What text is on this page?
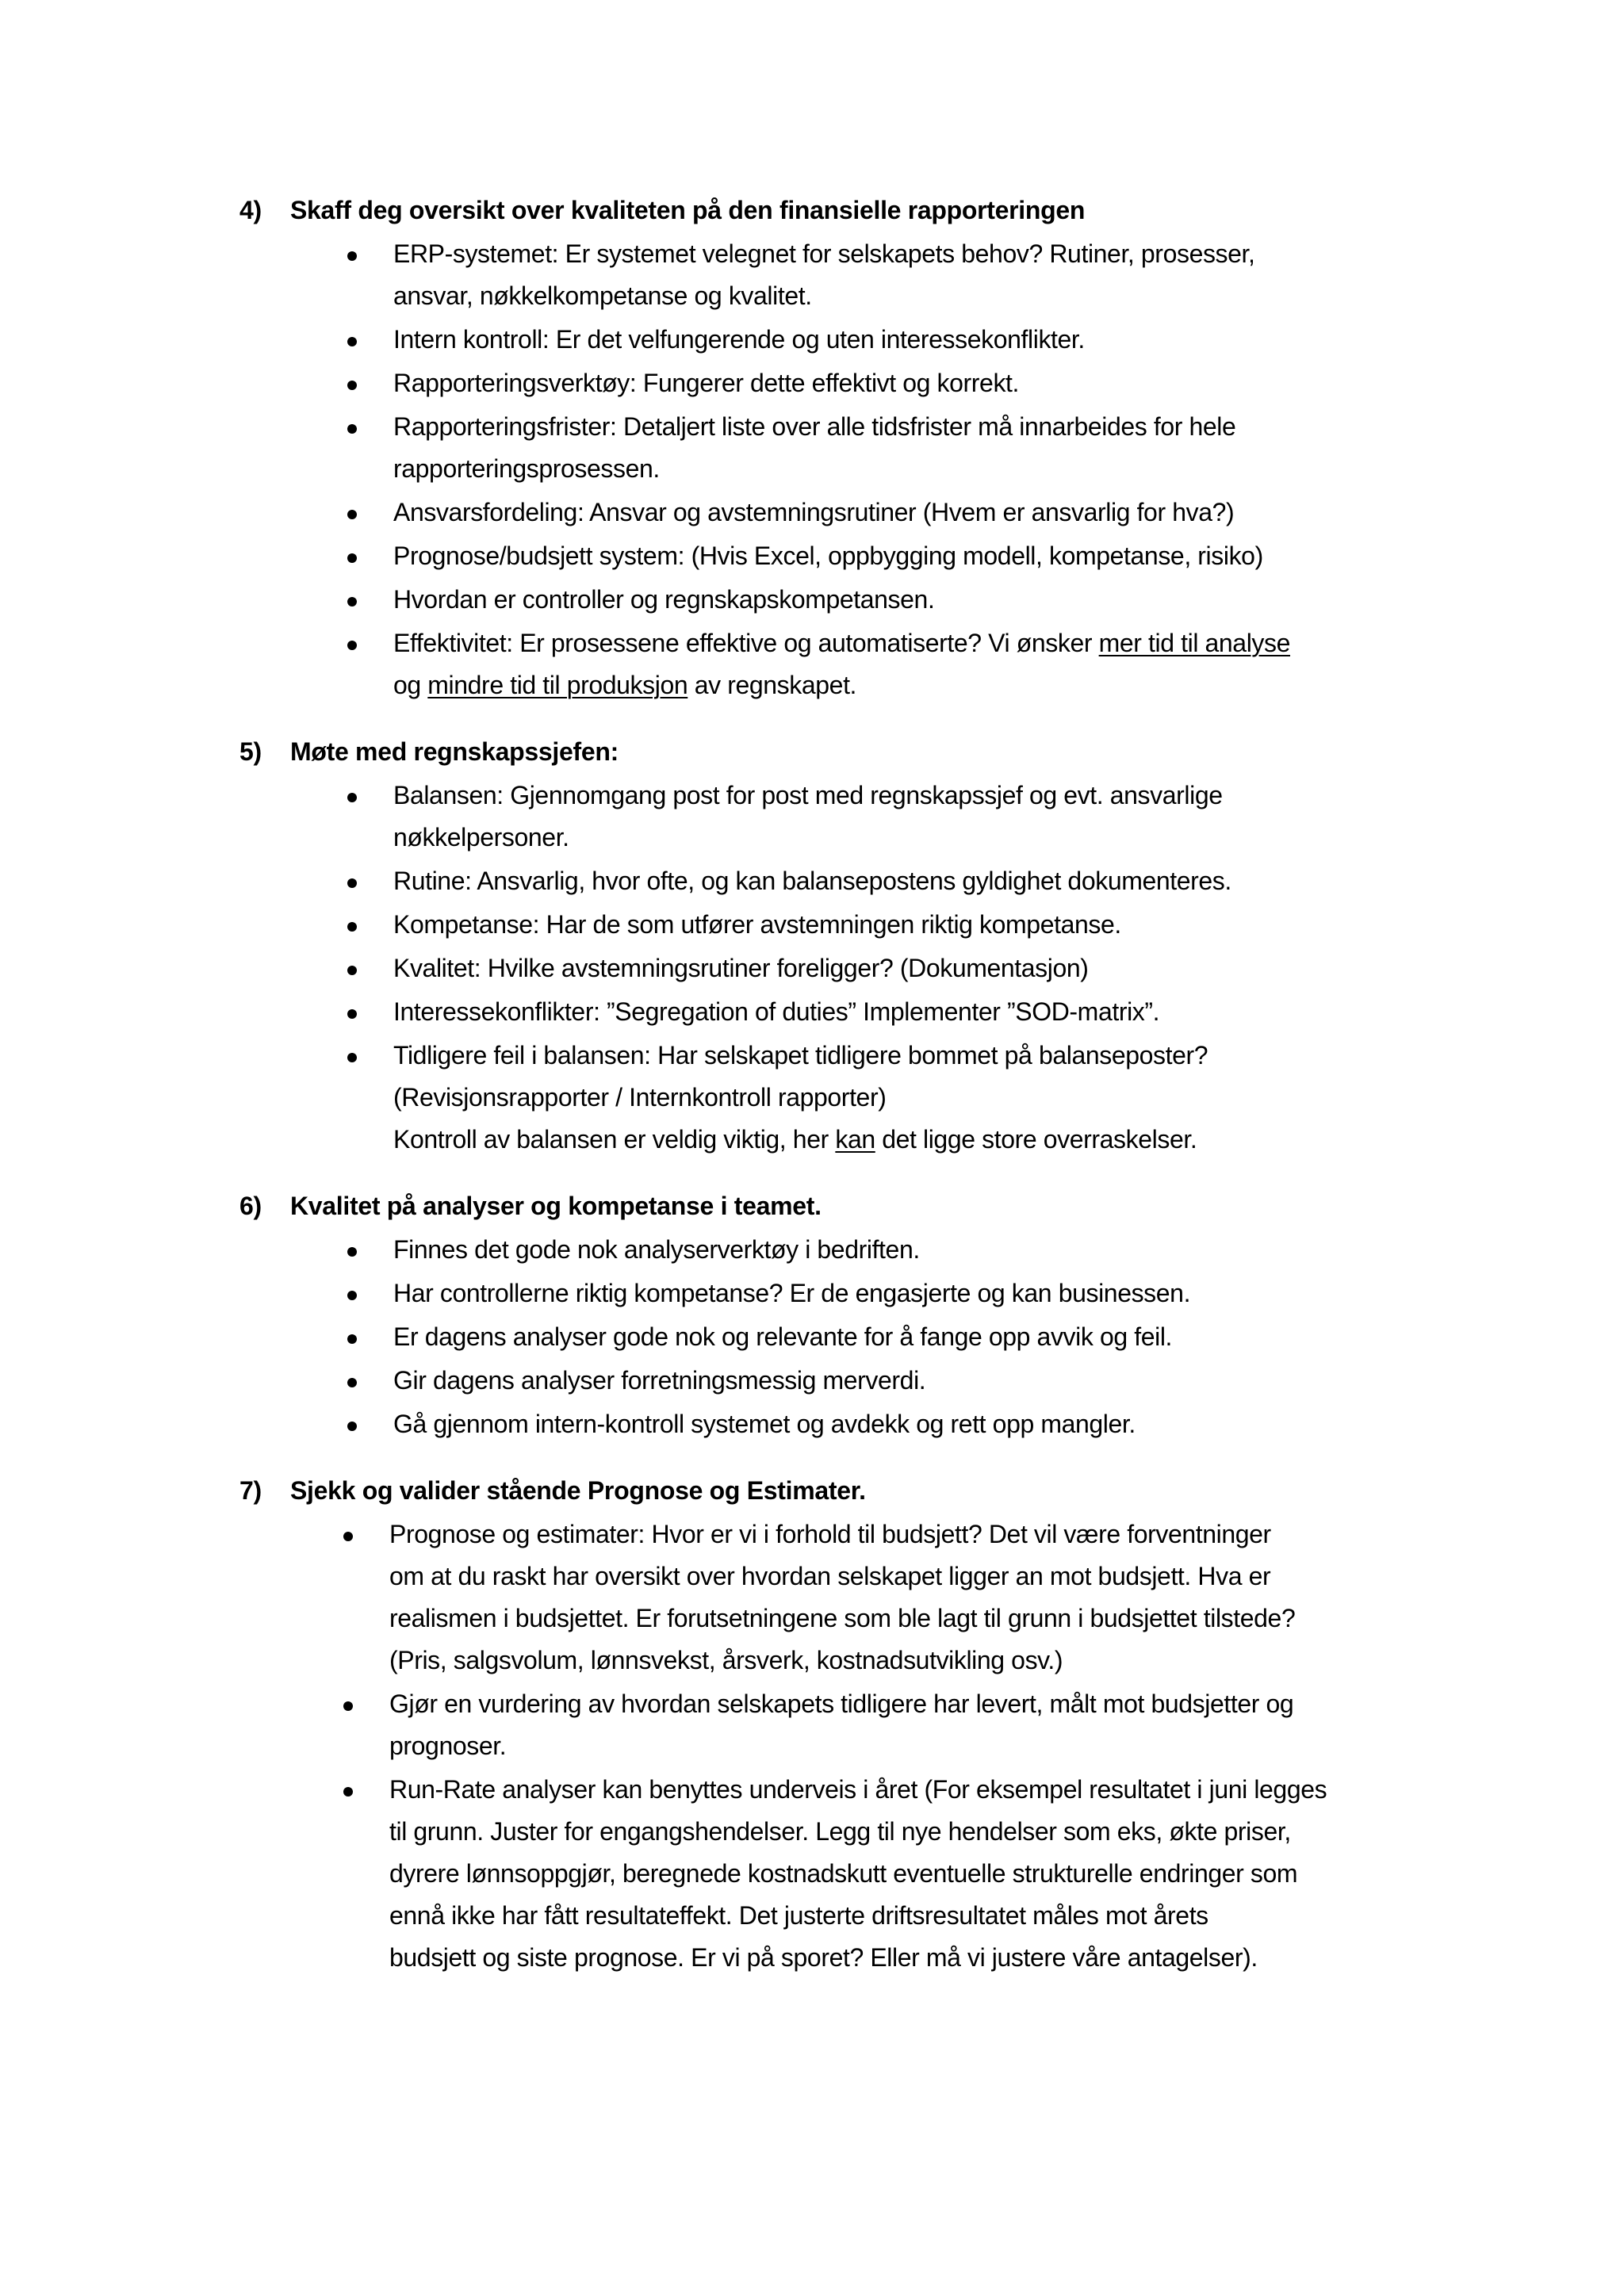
4)	Skaff deg oversikt over kvaliteten på den finansielle rapporteringen
ERP-systemet: Er systemet velegnet for selskapets behov? Rutiner, prosesser,
ansvar, nøkkelkompetanse og kvalitet.
Intern kontroll: Er det velfungerende og uten interessekonflikter.
Rapporteringsverktøy: Fungerer dette effektivt og korrekt.
Rapporteringsfrister: Detaljert liste over alle tidsfrister må innarbeides for hele
rapporteringsprosessen.
Ansvarsfordeling: Ansvar og avstemningsrutiner (Hvem er ansvarlig for hva?)
Prognose/budsjett system: (Hvis Excel, oppbygging modell, kompetanse, risiko)
Hvordan er controller og regnskapskompetansen.
Effektivitet: Er prosessene effektive og automatiserte? Vi ønsker mer tid til analyse
og mindre tid til produksjon av regnskapet.
5)	Møte med regnskapssjefen:
Balansen: Gjennomgang post for post med regnskapssjef og evt. ansvarlige
nøkkelpersoner.
Rutine: Ansvarlig, hvor ofte, og kan balansepostens gyldighet dokumenteres.
Kompetanse: Har de som utfører avstemningen riktig kompetanse.
Kvalitet: Hvilke avstemningsrutiner foreligger? (Dokumentasjon)
Interessekonflikter: ”Segregation of duties” Implementer ”SOD-matrix”.
Tidligere feil i balansen: Har selskapet tidligere bommet på balanseposter?
(Revisjonsrapporter / Internkontroll rapporter)
Kontroll av balansen er veldig viktig, her kan det ligge store overraskelser.
6)	Kvalitet på analyser og kompetanse i teamet.
Finnes det gode nok analyserverktøy i bedriften.
Har controllerne riktig kompetanse? Er de engasjerte og kan businessen.
Er dagens analyser gode nok og relevante for å fange opp avvik og feil.
Gir dagens analyser forretningsmessig merverdi.
Gå gjennom intern-kontroll systemet og avdekk og rett opp mangler.
7)	Sjekk og valider stående Prognose og Estimater.
Prognose og estimater: Hvor er vi i forhold til budsjett? Det vil være forventninger
om at du raskt har oversikt over hvordan selskapet ligger an mot budsjett. Hva er
realismen i budsjettet. Er forutsetningene som ble lagt til grunn i budsjettet tilstede?
(Pris, salgsvolum, lønnsvekst, årsverk, kostnadsutvikling osv.)
Gjør en vurdering av hvordan selskapets tidligere har levert, målt mot budsjetter og
prognoser.
Run-Rate analyser kan benyttes underveis i året (For eksempel resultatet i juni legges
til grunn. Juster for engangshendelser. Legg til nye hendelser som eks, økte priser,
dyrere lønnsoppgjør, beregnede kostnadskutt eventuelle strukturelle endringer som
ennå ikke har fått resultateffekt. Det justerte driftsresultatet måles mot årets
budsjett og siste prognose. Er vi på sporet? Eller må vi justere våre antagelser).
